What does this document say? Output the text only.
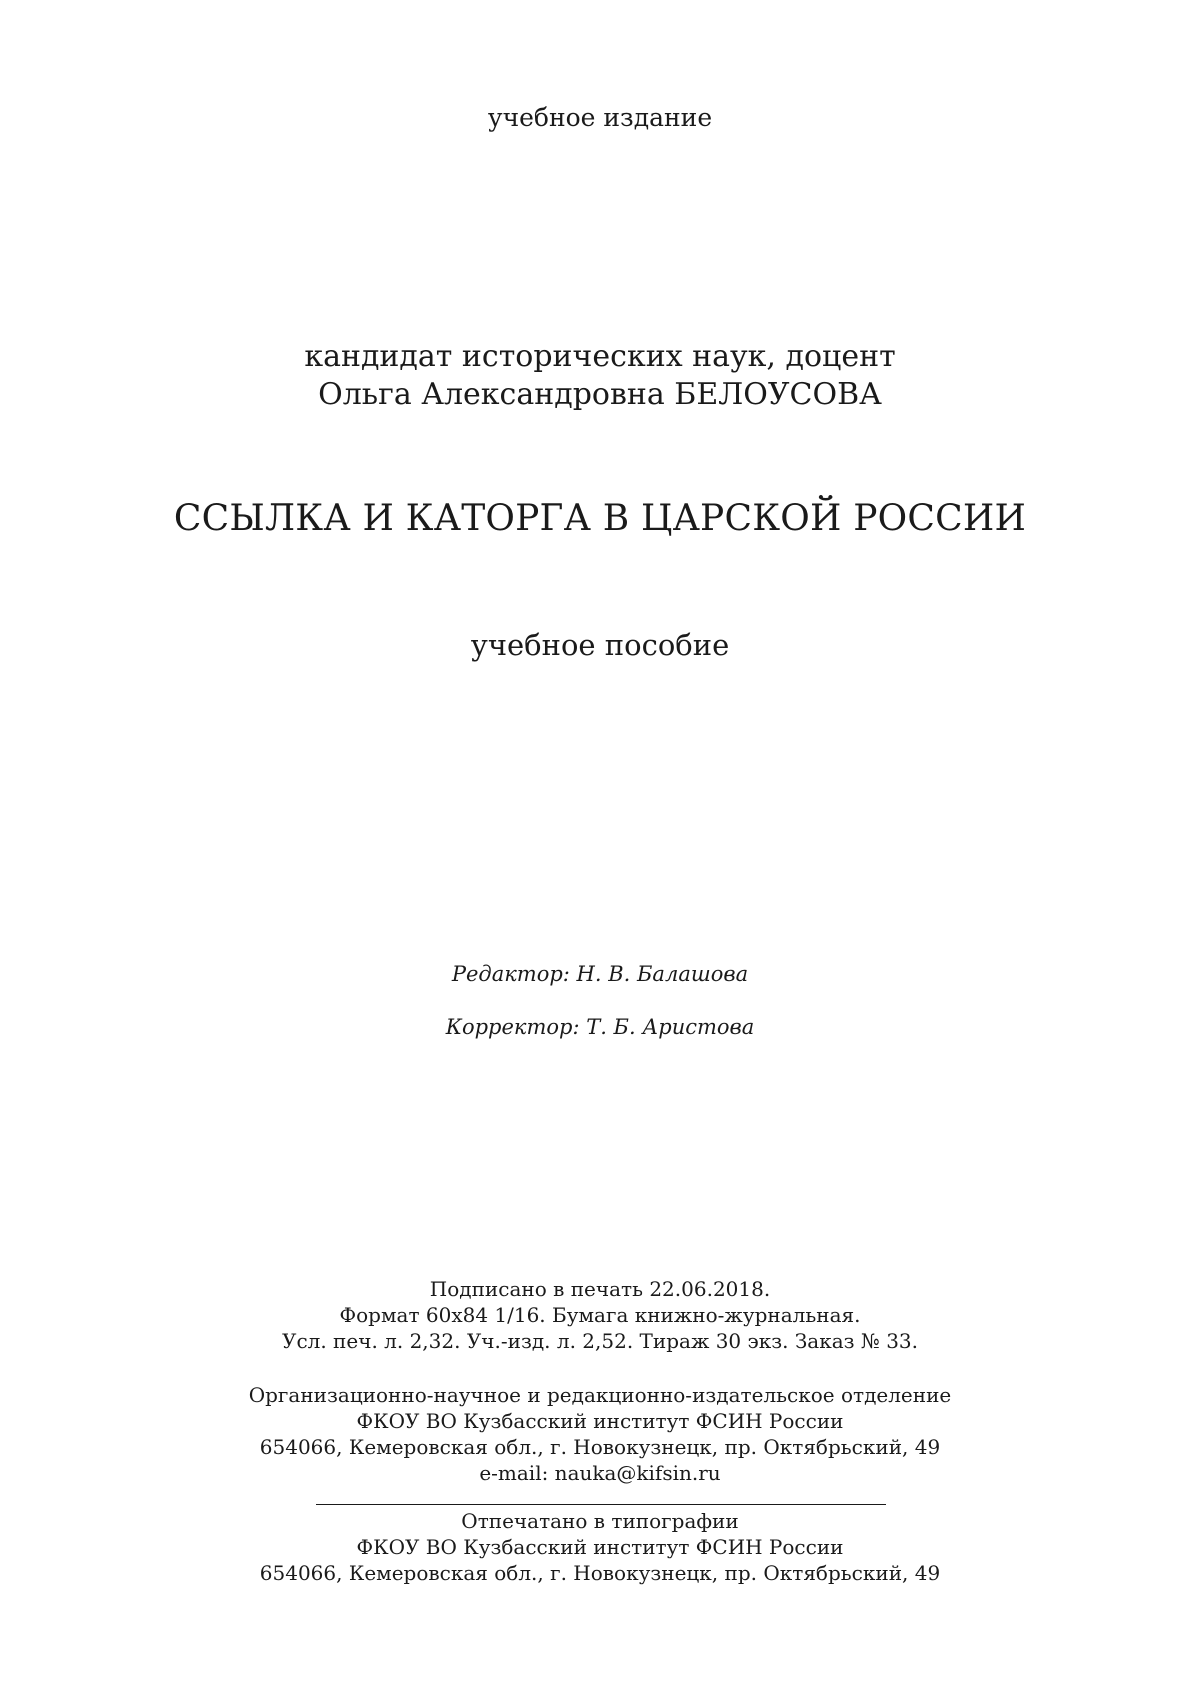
учебное издание
кандидат исторических наук, доцент
Ольга Александровна БЕЛОУСОВА
ССЫЛКА И КАТОРГА В ЦАРСКОЙ РОССИИ
учебное пособие
Редактор: Н. В. Балашова
Корректор: Т. Б. Аристова
Подписано в печать 22.06.2018.
Формат 60х84 1/16. Бумага книжно-журнальная.
Усл. печ. л. 2,32. Уч.-изд. л. 2,52. Тираж 30 экз. Заказ № 33.
Организационно-научное и редакционно-издательское отделение
ФКОУ ВО Кузбасский институт ФСИН России
654066, Кемеровская обл., г. Новокузнецк, пр. Октябрьский, 49
e-mail: nauka@kifsin.ru
Отпечатано в типографии
ФКОУ ВО Кузбасский институт ФСИН России
654066, Кемеровская обл., г. Новокузнецк, пр. Октябрьский, 49
